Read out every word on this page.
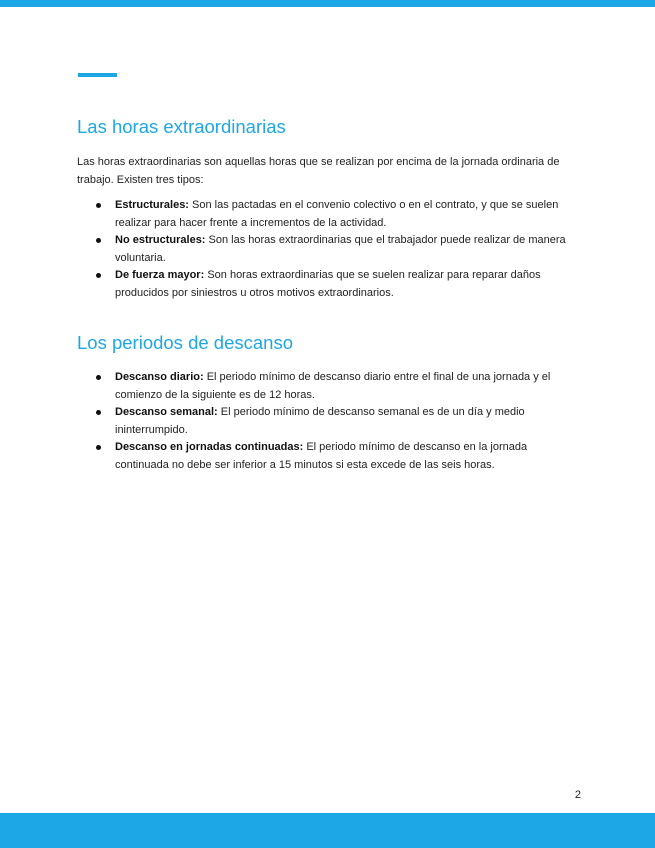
Las horas extraordinarias

Las horas extraordinarias son aquellas horas que se realizan por encima de la jornada ordinaria de trabajo. Existen tres tipos:

Estructurales: Son las pactadas en el convenio colectivo o en el contrato, y que se suelen realizar para hacer frente a incrementos de la actividad.
No estructurales: Son las horas extraordinarias que el trabajador puede realizar de manera voluntaria.
De fuerza mayor: Son horas extraordinarias que se suelen realizar para reparar daños producidos por siniestros u otros motivos extraordinarios.
Los periodos de descanso
Descanso diario: El periodo mínimo de descanso diario entre el final de una jornada y el comienzo de la siguiente es de 12 horas.
Descanso semanal: El periodo mínimo de descanso semanal es de un día y medio ininterrumpido.
Descanso en jornadas continuadas: El periodo mínimo de descanso en la jornada continuada no debe ser inferior a 15 minutos si esta excede de las seis horas.
2
